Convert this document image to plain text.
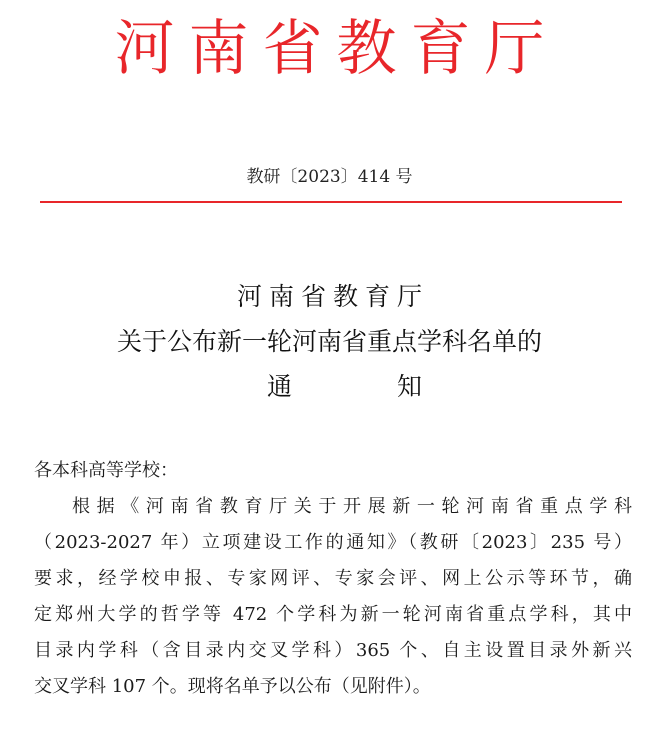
河南省教育厅
教研〔2023〕414 号
河南省教育厅
关于公布新一轮河南省重点学科名单的
通	知
各本科高等学校：
根据《河南省教育厅关于开展新一轮河南省重点学科
（2023-2027 年）立项建设工作的通知》（教研〔2023〕235 号）
要求，经学校申报、专家网评、专家会评、网上公示等环节，确
定郑州大学的哲学等 472 个学科为新一轮河南省重点学科，其中
目录内学科（含目录内交叉学科）365 个、自主设置目录外新兴
交叉学科 107 个。现将名单予以公布（见附件）。
